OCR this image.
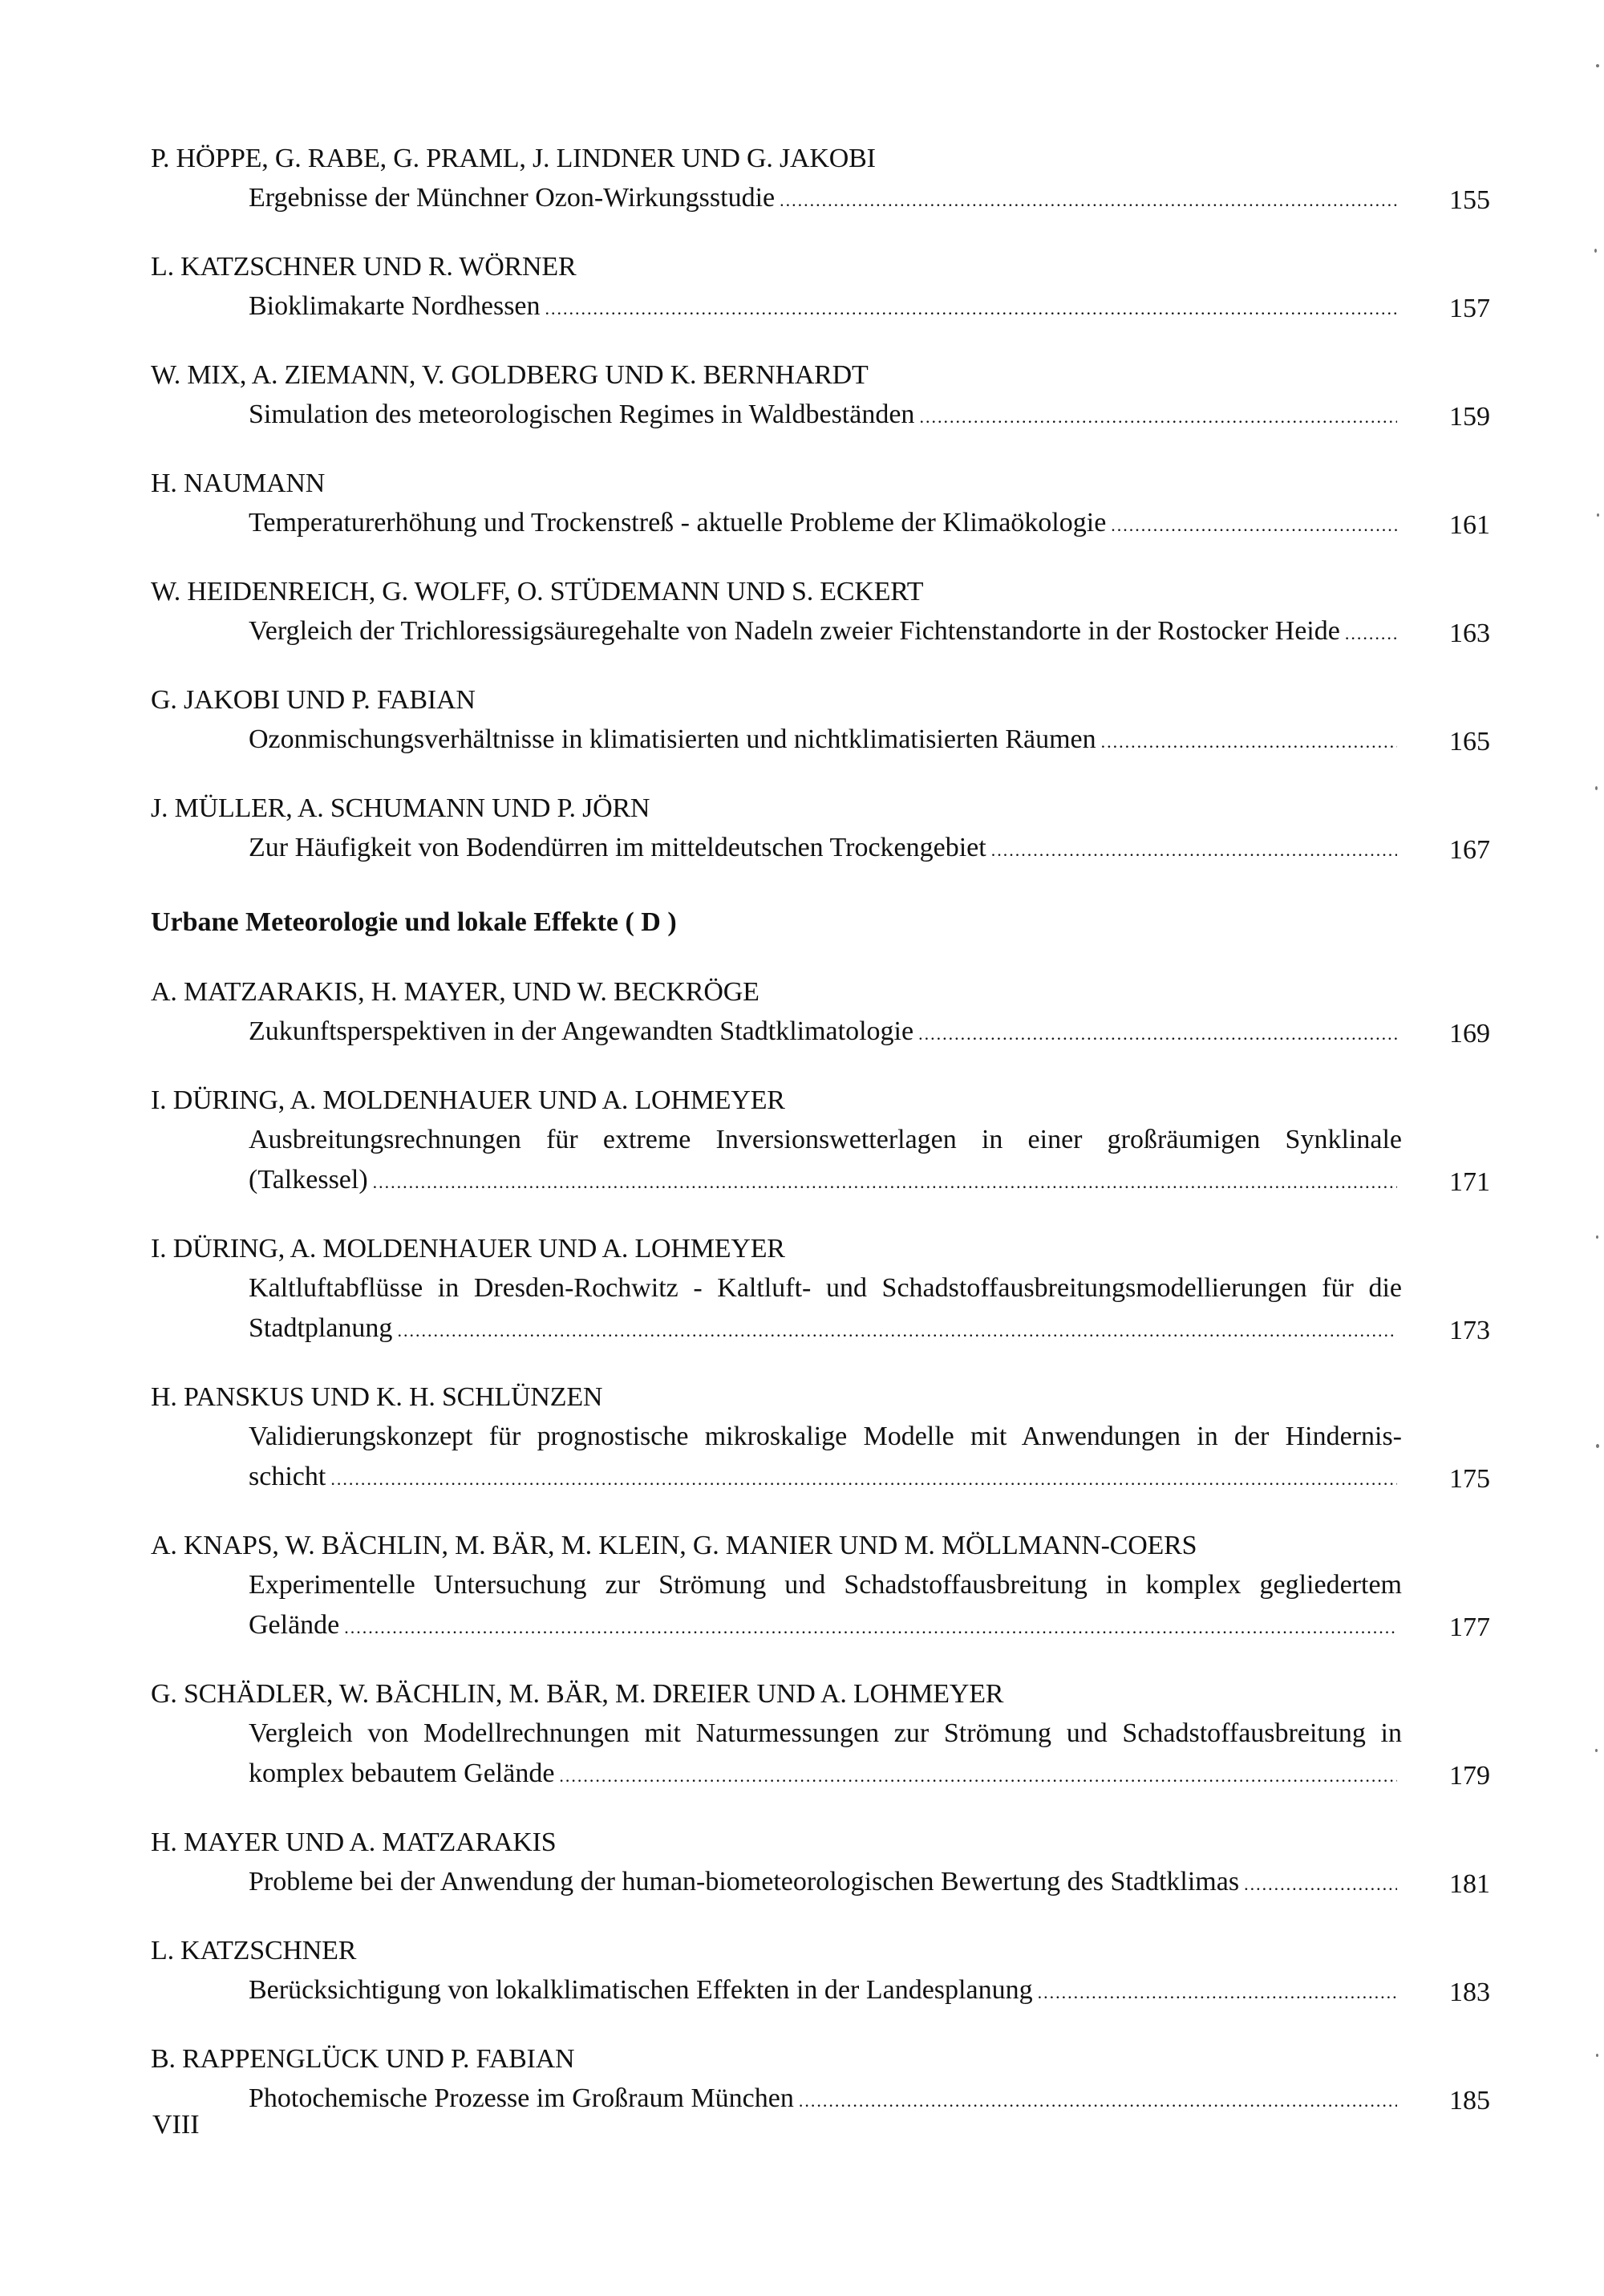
P. HÖPPE, G. RABE, G. PRAML, J. LINDNER UND G. JAKOBI
Ergebnisse der Münchner Ozon-Wirkungsstudie .....	155
L. KATZSCHNER UND R. WÖRNER
Bioklimakarte Nordhessen .....	157
W. MIX, A. ZIEMANN, V. GOLDBERG UND K. BERNHARDT
Simulation des meteorologischen Regimes in Waldbeständen .....	159
H. NAUMANN
Temperaturerhöhung und Trockenstreß - aktuelle Probleme der Klimaökologie .....	161
W. HEIDENREICH, G. WOLFF, O. STÜDEMANN UND S. ECKERT
Vergleich der Trichloressigsäuregehalte von Nadeln zweier Fichtenstandorte in der Rostocker Heide .....	163
G. JAKOBI UND P. FABIAN
Ozonmischungsverhältnisse in klimatisierten und nichtklimatisierten Räumen .....	165
J. MÜLLER, A. SCHUMANN UND P. JÖRN
Zur Häufigkeit von Bodendürren im mitteldeutschen Trockengebiet .....	167
Urbane Meteorologie und lokale Effekte ( D )
A. MATZARAKIS, H. MAYER, UND W. BECKRÖGE
Zukunftsperspektiven in der Angewandten Stadtklimatologie .....	169
I. DÜRING, A. MOLDENHAUER UND A. LOHMEYER
Ausbreitungsrechnungen für extreme Inversionswetterlagen in einer großräumigen Synklinale
(Talkessel) .....	171
I. DÜRING, A. MOLDENHAUER UND A. LOHMEYER
Kaltluftabflüsse in Dresden-Rochwitz - Kaltluft- und Schadstoffausbreitungsmodellierungen für die
Stadtplanung .....	173
H. PANSKUS UND K. H. SCHLÜNZEN
Validierungskonzept für prognostische mikroskalige Modelle mit Anwendungen in der Hindernis-
schicht .....	175
A. KNAPS, W. BÄCHLIN, M. BÄR, M. KLEIN, G. MANIER UND M. MÖLLMANN-COERS
Experimentelle Untersuchung zur Strömung und Schadstoffausbreitung in komplex gegliedertem
Gelände .....	177
G. SCHÄDLER, W. BÄCHLIN, M. BÄR, M. DREIER UND A. LOHMEYER
Vergleich von Modellrechnungen mit Naturmessungen zur Strömung und Schadstoffausbreitung in
komplex bebautem Gelände .....	179
H. MAYER UND A. MATZARAKIS
Probleme bei der Anwendung der human-biometeorologischen Bewertung des Stadtklimas .....	181
L. KATZSCHNER
Berücksichtigung von lokalklimatischen Effekten in der Landesplanung .....	183
B. RAPPENGLÜCK UND P. FABIAN
Photochemische Prozesse im Großraum München .....	185
VIII
